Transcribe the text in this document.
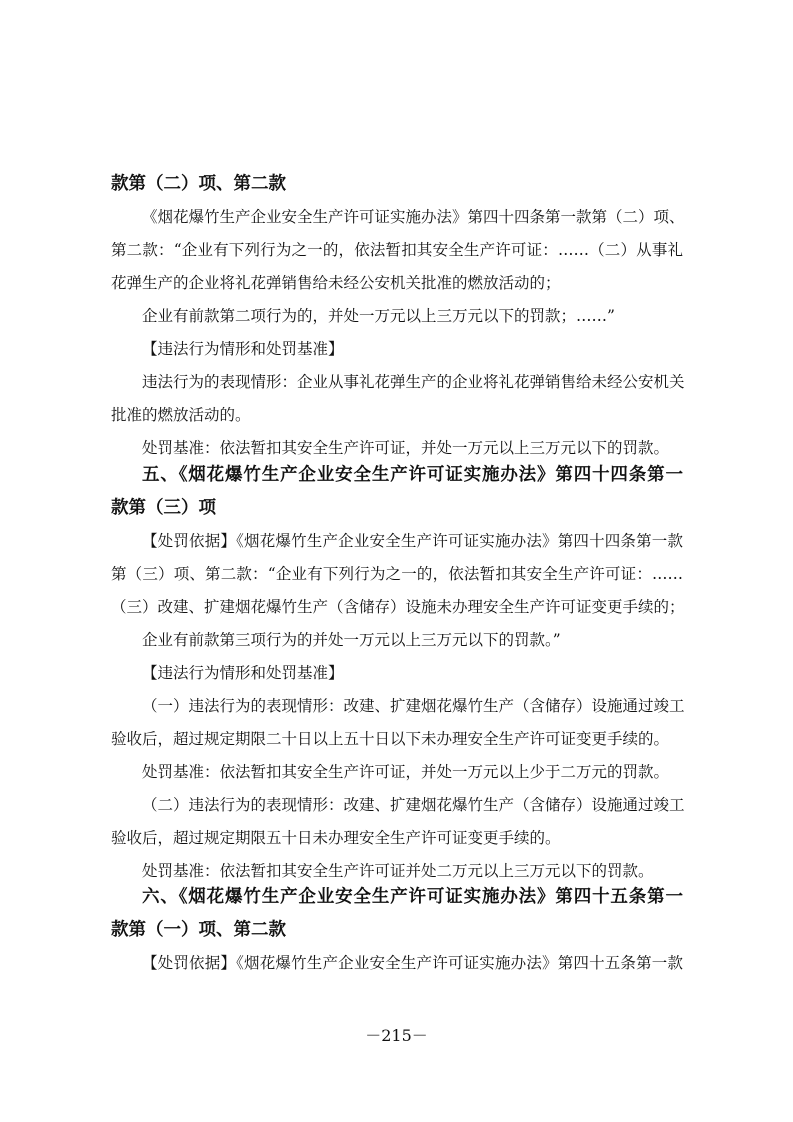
款第（二）项、第二款
《烟花爆竹生产企业安全生产许可证实施办法》第四十四条第一款第（二）项、
第二款：“企业有下列行为之一的，依法暂扣其安全生产许可证：……（二）从事礼
花弹生产的企业将礼花弹销售给未经公安机关批准的燃放活动的；
企业有前款第二项行为的，并处一万元以上三万元以下的罚款；……”
【违法行为情形和处罚基准】
违法行为的表现情形：企业从事礼花弹生产的企业将礼花弹销售给未经公安机关
批准的燃放活动的。
处罚基准：依法暂扣其安全生产许可证，并处一万元以上三万元以下的罚款。
五、《烟花爆竹生产企业安全生产许可证实施办法》第四十四条第一
款第（三）项
【处罚依据】《烟花爆竹生产企业安全生产许可证实施办法》第四十四条第一款
第（三）项、第二款：“企业有下列行为之一的，依法暂扣其安全生产许可证：……
（三）改建、扩建烟花爆竹生产（含储存）设施未办理安全生产许可证变更手续的；
企业有前款第三项行为的并处一万元以上三万元以下的罚款。”
【违法行为情形和处罚基准】
（一）违法行为的表现情形：改建、扩建烟花爆竹生产（含储存）设施通过竣工
验收后，超过规定期限二十日以上五十日以下未办理安全生产许可证变更手续的。
处罚基准：依法暂扣其安全生产许可证，并处一万元以上少于二万元的罚款。
（二）违法行为的表现情形：改建、扩建烟花爆竹生产（含储存）设施通过竣工
验收后，超过规定期限五十日未办理安全生产许可证变更手续的。
处罚基准：依法暂扣其安全生产许可证并处二万元以上三万元以下的罚款。
六、《烟花爆竹生产企业安全生产许可证实施办法》第四十五条第一
款第（一）项、第二款
【处罚依据】《烟花爆竹生产企业安全生产许可证实施办法》第四十五条第一款
－215－
